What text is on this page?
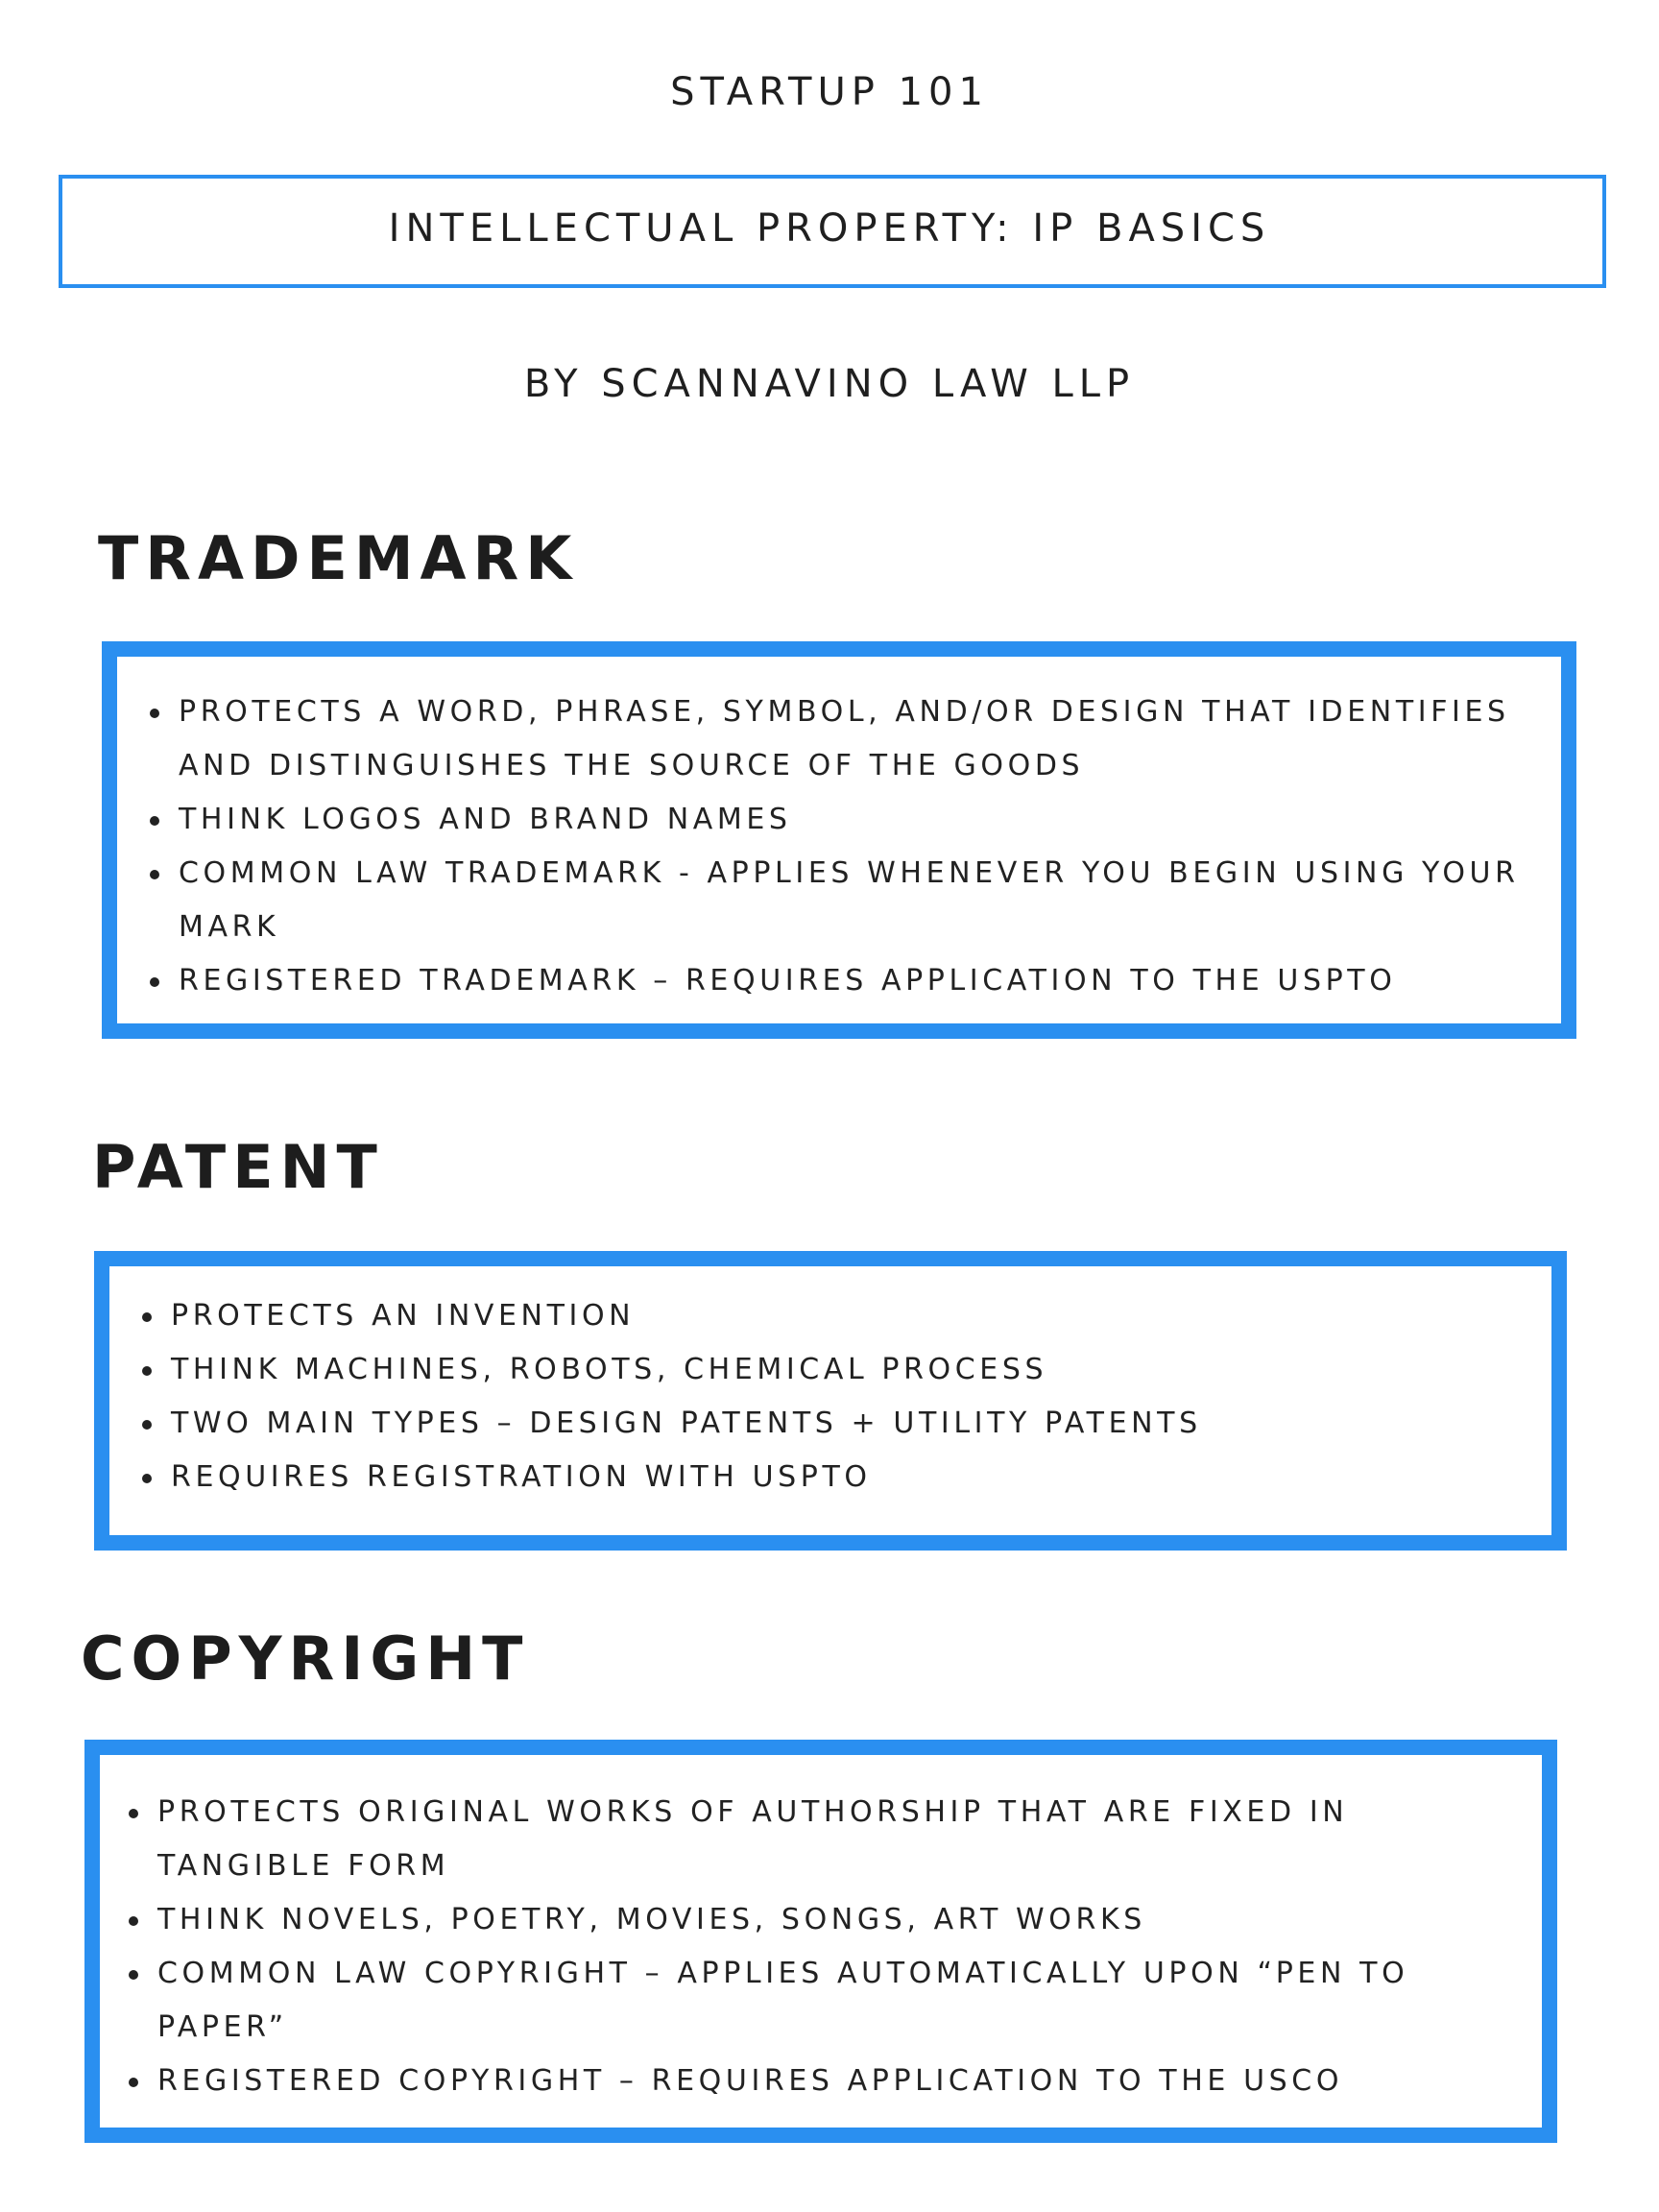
STARTUP 101
INTELLECTUAL PROPERTY: IP BASICS
BY SCANNAVINO LAW LLP
TRADEMARK
PROTECTS A WORD, PHRASE, SYMBOL, AND/OR DESIGN THAT IDENTIFIES AND DISTINGUISHES THE SOURCE OF THE GOODS
THINK LOGOS AND BRAND NAMES
COMMON LAW TRADEMARK - APPLIES WHENEVER YOU BEGIN USING YOUR MARK
REGISTERED TRADEMARK – REQUIRES APPLICATION TO THE USPTO
PATENT
PROTECTS AN INVENTION
THINK MACHINES, ROBOTS, CHEMICAL PROCESS
TWO MAIN TYPES – DESIGN PATENTS + UTILITY PATENTS
REQUIRES REGISTRATION WITH USPTO
COPYRIGHT
PROTECTS ORIGINAL WORKS OF AUTHORSHIP THAT ARE FIXED IN TANGIBLE FORM
THINK NOVELS, POETRY, MOVIES, SONGS, ART WORKS
COMMON LAW COPYRIGHT – APPLIES AUTOMATICALLY UPON “PEN TO PAPER”
REGISTERED COPYRIGHT – REQUIRES APPLICATION TO THE USCO
